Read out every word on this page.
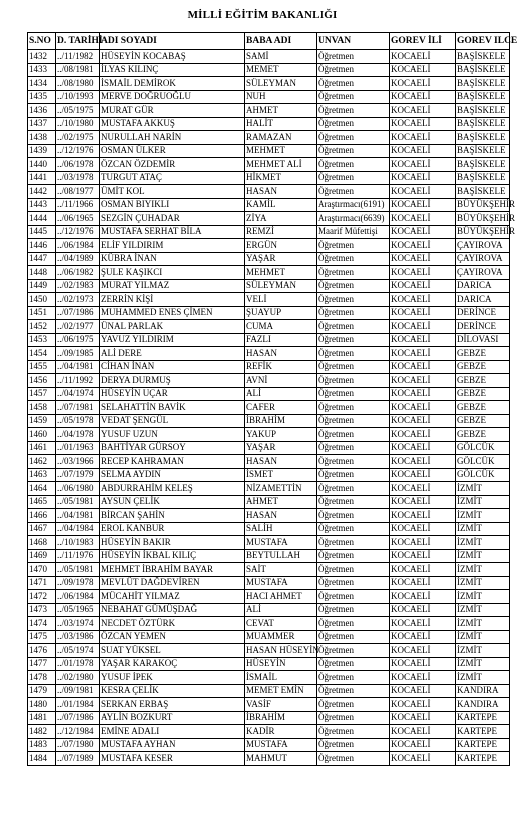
MİLLİ EĞİTİM BAKANLIĞI
S.NO	D. TARİHİ	ADI SOYADI	BABA ADI	UNVAN	GOREV İLİ	GOREV ILCE
1432	../11/1982	HÜSEYİN KOCABAŞ	SAMİ	Öğretmen	KOCAELİ	BAŞİSKELE
1433	../08/1981	İLYAS KILINÇ	MEMET	Öğretmen	KOCAELİ	BAŞİSKELE
1434	../08/1980	İSMAİL DEMİROK	SÜLEYMAN	Öğretmen	KOCAELİ	BAŞİSKELE
1435	../10/1993	MERVE DOĞRUOĞLU	NUH	Öğretmen	KOCAELİ	BAŞİSKELE
1436	../05/1975	MURAT GÜR	AHMET	Öğretmen	KOCAELİ	BAŞİSKELE
1437	../10/1980	MUSTAFA AKKUŞ	HALİT	Öğretmen	KOCAELİ	BAŞİSKELE
1438	../02/1975	NURULLAH NARİN	RAMAZAN	Öğretmen	KOCAELİ	BAŞİSKELE
1439	../12/1976	OSMAN ÜLKER	MEHMET	Öğretmen	KOCAELİ	BAŞİSKELE
1440	../06/1978	ÖZCAN ÖZDEMİR	MEHMET ALİ	Öğretmen	KOCAELİ	BAŞİSKELE
1441	../03/1978	TURGUT ATAÇ	HİKMET	Öğretmen	KOCAELİ	BAŞİSKELE
1442	../08/1977	ÜMİT KOL	HASAN	Öğretmen	KOCAELİ	BAŞİSKELE
1443	../11/1966	OSMAN BIYIKLI	KAMİL	Araştırmacı(6191)	KOCAELİ	BÜYÜKŞEHİR
1444	../06/1965	SEZGİN ÇUHADAR	ZİYA	Araştırmacı(6639)	KOCAELİ	BÜYÜKŞEHİR
1445	../12/1976	MUSTAFA SERHAT BİLA	REMZİ	Maarif Müfettişi	KOCAELİ	BÜYÜKŞEHİR
1446	../06/1984	ELİF YILDIRIM	ERGÜN	Öğretmen	KOCAELİ	ÇAYIROVA
1447	../04/1989	KÜBRA İNAN	YAŞAR	Öğretmen	KOCAELİ	ÇAYIROVA
1448	../06/1982	ŞULE KAŞIKCI	MEHMET	Öğretmen	KOCAELİ	ÇAYIROVA
1449	../02/1983	MURAT YILMAZ	SÜLEYMAN	Öğretmen	KOCAELİ	DARICA
1450	../02/1973	ZERRİN KİŞİ	VELİ	Öğretmen	KOCAELİ	DARICA
1451	../07/1986	MUHAMMED ENES ÇİMEN	ŞUAYUP	Öğretmen	KOCAELİ	DERİNCE
1452	../02/1977	ÜNAL PARLAK	CUMA	Öğretmen	KOCAELİ	DERİNCE
1453	../06/1975	YAVUZ YILDIRIM	FAZLI	Öğretmen	KOCAELİ	DİLOVASI
1454	../09/1985	ALİ DERE	HASAN	Öğretmen	KOCAELİ	GEBZE
1455	../04/1981	CİHAN İNAN	REFİK	Öğretmen	KOCAELİ	GEBZE
1456	../11/1992	DERYA DURMUŞ	AVNİ	Öğretmen	KOCAELİ	GEBZE
1457	../04/1974	HÜSEYİN UÇAR	ALİ	Öğretmen	KOCAELİ	GEBZE
1458	../07/1981	SELAHATTİN BAVİK	CAFER	Öğretmen	KOCAELİ	GEBZE
1459	../05/1978	VEDAT ŞENGÜL	İBRAHİM	Öğretmen	KOCAELİ	GEBZE
1460	../04/1978	YUSUF UZUN	YAKUP	Öğretmen	KOCAELİ	GEBZE
1461	../01/1963	BAHTİYAR GÜRSOY	YAŞAR	Öğretmen	KOCAELİ	GÖLCÜK
1462	../03/1966	RECEP KAHRAMAN	HASAN	Öğretmen	KOCAELİ	GÖLCÜK
1463	../07/1979	SELMA AYDIN	İSMET	Öğretmen	KOCAELİ	GÖLCÜK
1464	../06/1980	ABDURRAHİM KELEŞ	NİZAMETTİN	Öğretmen	KOCAELİ	İZMİT
1465	../05/1981	AYSUN ÇELİK	AHMET	Öğretmen	KOCAELİ	İZMİT
1466	../04/1981	BİRCAN ŞAHİN	HASAN	Öğretmen	KOCAELİ	İZMİT
1467	../04/1984	EROL KANBUR	SALİH	Öğretmen	KOCAELİ	İZMİT
1468	../10/1983	HÜSEYİN BAKIR	MUSTAFA	Öğretmen	KOCAELİ	İZMİT
1469	../11/1976	HÜSEYİN İKBAL KILIÇ	BEYTULLAH	Öğretmen	KOCAELİ	İZMİT
1470	../05/1981	MEHMET İBRAHİM BAYAR	SAİT	Öğretmen	KOCAELİ	İZMİT
1471	../09/1978	MEVLÜT DAĞDEVİREN	MUSTAFA	Öğretmen	KOCAELİ	İZMİT
1472	../06/1984	MÜCAHİT YILMAZ	HACI AHMET	Öğretmen	KOCAELİ	İZMİT
1473	../05/1965	NEBAHAT GÜMÜŞDAĞ	ALİ	Öğretmen	KOCAELİ	İZMİT
1474	../03/1974	NECDET ÖZTÜRK	CEVAT	Öğretmen	KOCAELİ	İZMİT
1475	../03/1986	ÖZCAN YEMEN	MUAMMER	Öğretmen	KOCAELİ	İZMİT
1476	../05/1974	SUAT YÜKSEL	HASAN HÜSEYİN	Öğretmen	KOCAELİ	İZMİT
1477	../01/1978	YAŞAR KARAKOÇ	HÜSEYİN	Öğretmen	KOCAELİ	İZMİT
1478	../02/1980	YUSUF İPEK	İSMAİL	Öğretmen	KOCAELİ	İZMİT
1479	../09/1981	KESRA ÇELİK	MEMET EMİN	Öğretmen	KOCAELİ	KANDIRA
1480	../01/1984	SERKAN ERBAŞ	VASİF	Öğretmen	KOCAELİ	KANDIRA
1481	../07/1986	AYLİN BOZKURT	İBRAHİM	Öğretmen	KOCAELİ	KARTEPE
1482	../12/1984	EMİNE ADALI	KADİR	Öğretmen	KOCAELİ	KARTEPE
1483	../07/1980	MUSTAFA AYHAN	MUSTAFA	Öğretmen	KOCAELİ	KARTEPE
1484	../07/1989	MUSTAFA KESER	MAHMUT	Öğretmen	KOCAELİ	KARTEPE
